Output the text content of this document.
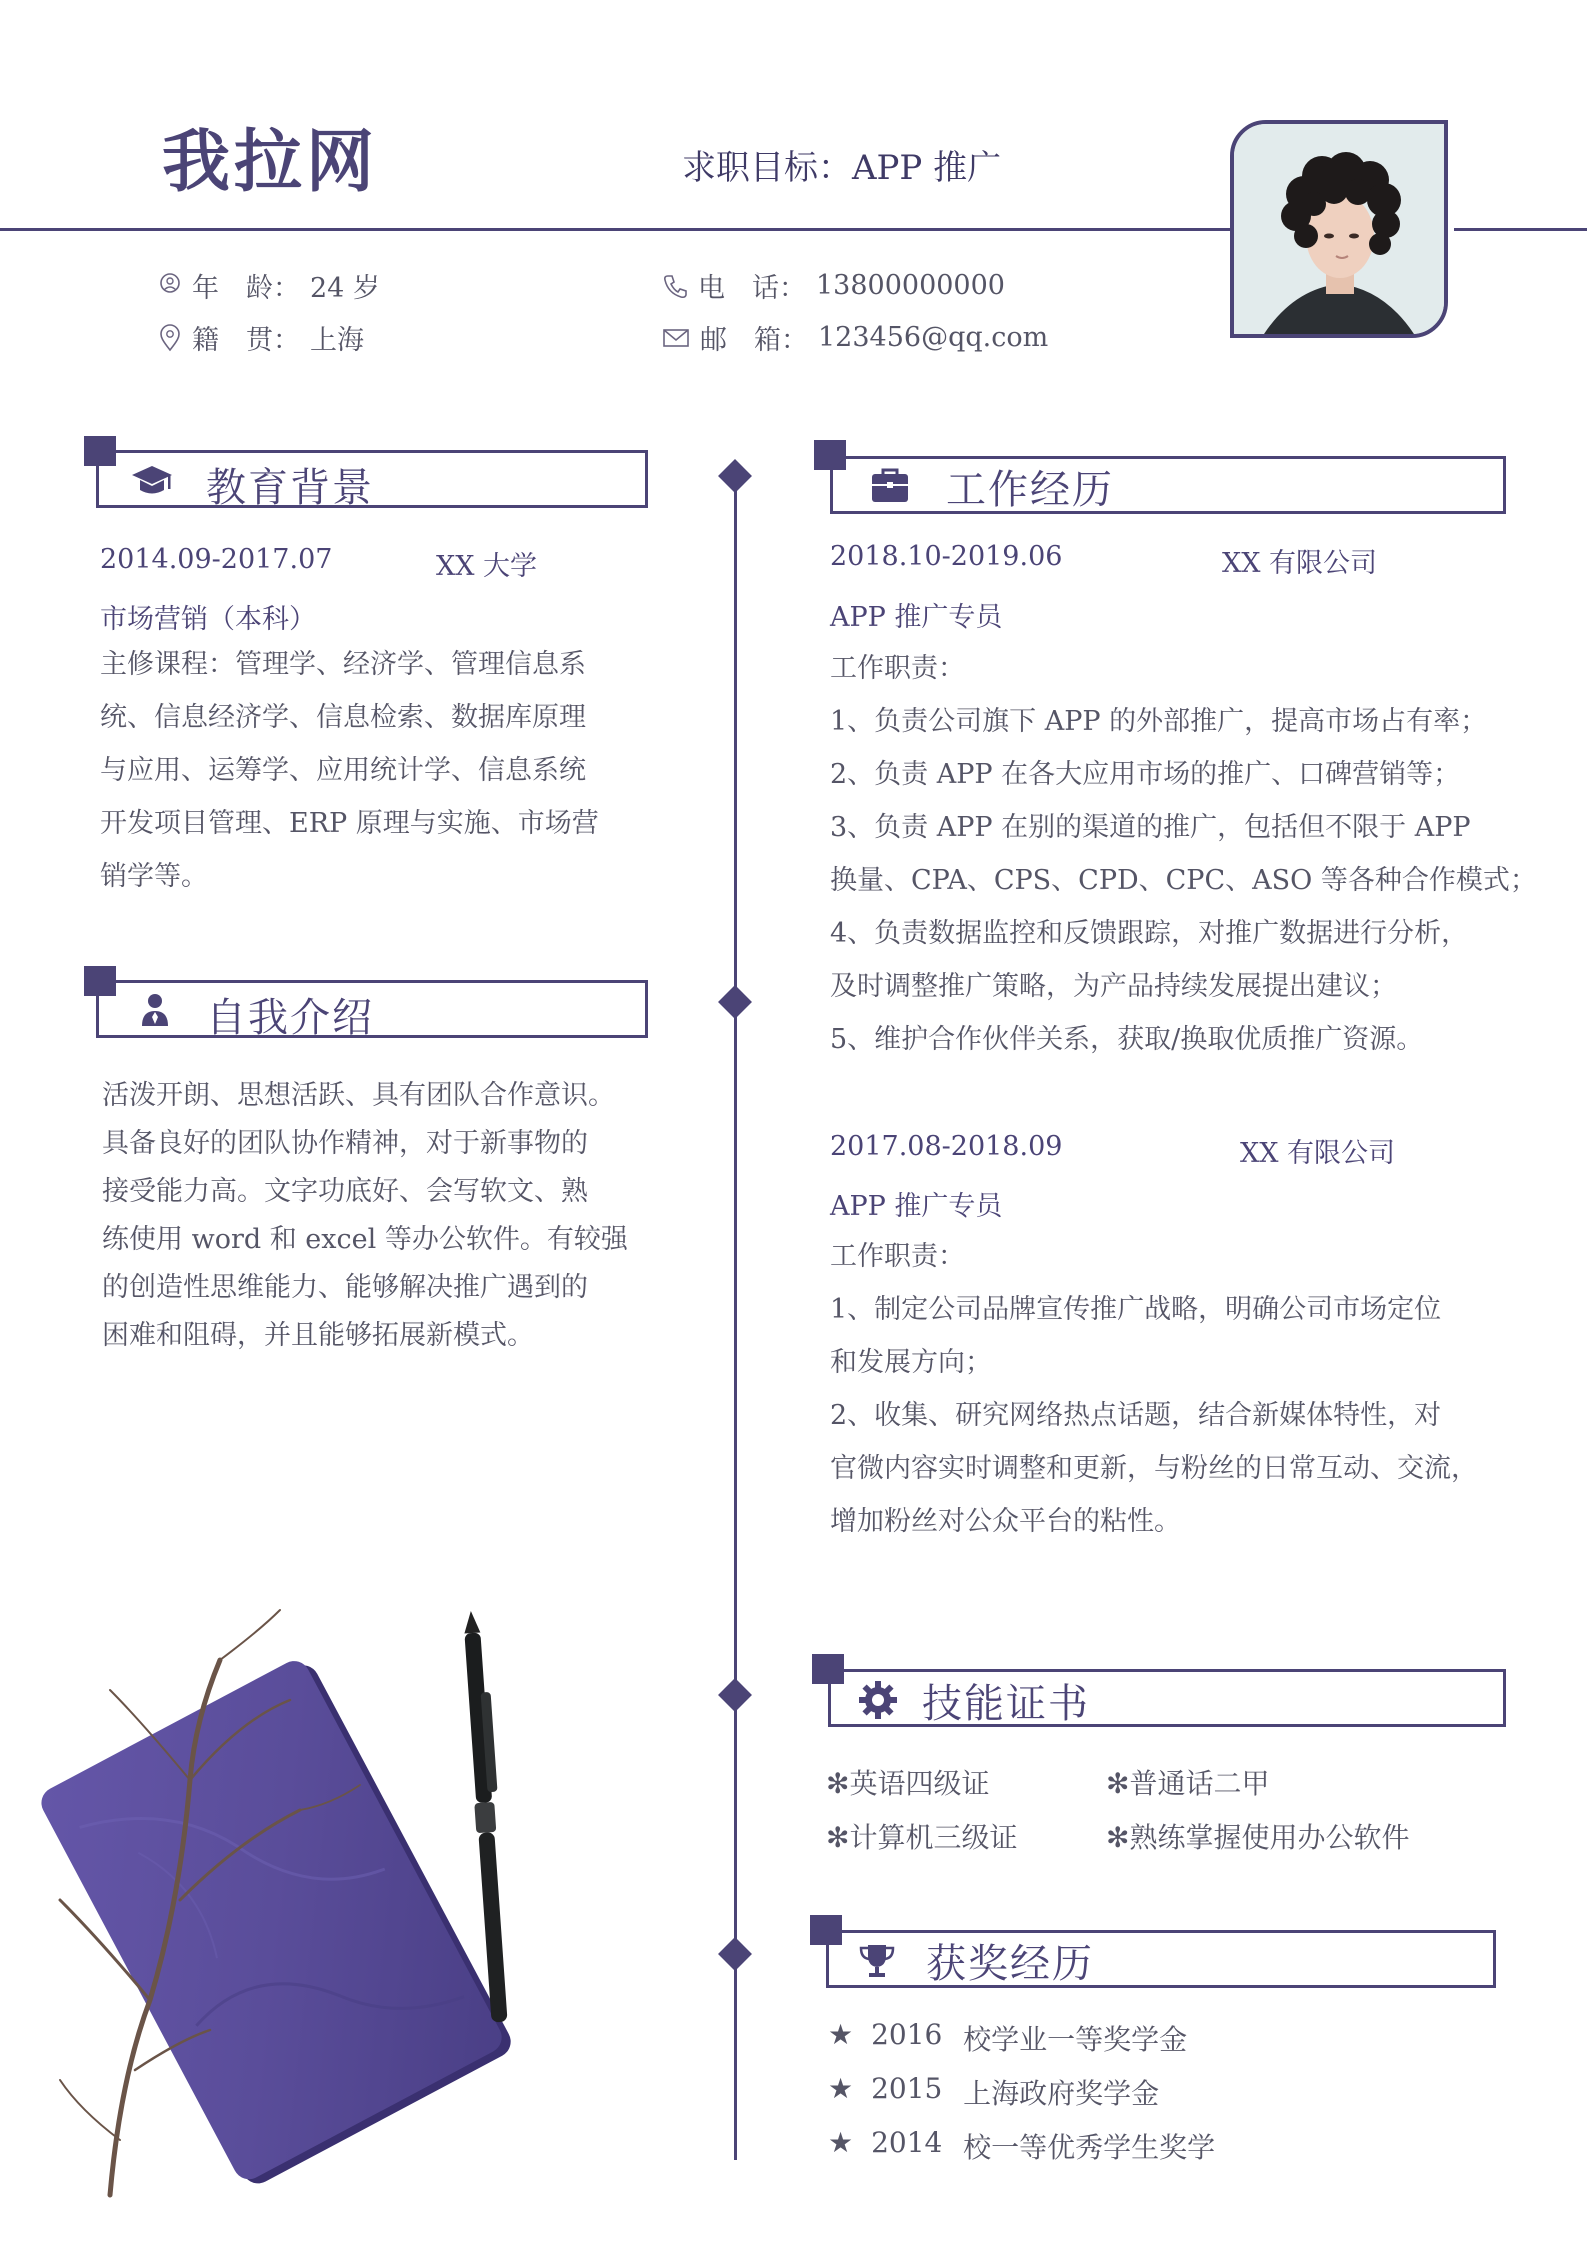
我拉网	求职目标：APP 推广
年　龄： 24 岁
籍　贯： 上海
电　话： 13800000000
邮　箱： 123456@qq.com
教育背景
2014.09-2017.07	XX 大学
市场营销（本科）
主修课程：管理学、经济学、管理信息系
统、信息经济学、信息检索、数据库原理
与应用、运筹学、应用统计学、信息系统
开发项目管理、ERP 原理与实施、市场营
销学等。
自我介绍
活泼开朗、思想活跃、具有团队合作意识。
具备良好的团队协作精神，对于新事物的
接受能力高。文字功底好、会写软文、熟
练使用 word 和 excel 等办公软件。有较强
的创造性思维能力、能够解决推广遇到的
困难和阻碍，并且能够拓展新模式。
工作经历
2018.10-2019.06	XX 有限公司
APP 推广专员
工作职责：
1、负责公司旗下 APP 的外部推广，提高市场占有率；
2、负责 APP 在各大应用市场的推广、口碑营销等；
3、负责 APP 在别的渠道的推广，包括但不限于 APP
换量、CPA、CPS、CPD、CPC、ASO 等各种合作模式；
4、负责数据监控和反馈跟踪，对推广数据进行分析，
及时调整推广策略，为产品持续发展提出建议；
5、维护合作伙伴关系，获取/换取优质推广资源。
2017.08-2018.09	XX 有限公司
APP 推广专员
工作职责：
1、制定公司品牌宣传推广战略，明确公司市场定位
和发展方向；
2、收集、研究网络热点话题，结合新媒体特性，对
官微内容实时调整和更新，与粉丝的日常互动、交流，
增加粉丝对公众平台的粘性。
技能证书
✻英语四级证	✻普通话二甲
✻计算机三级证	✻熟练掌握使用办公软件
获奖经历
★ 2016 校学业一等奖学金
★ 2015 上海政府奖学金
★ 2014 校一等优秀学生奖学
